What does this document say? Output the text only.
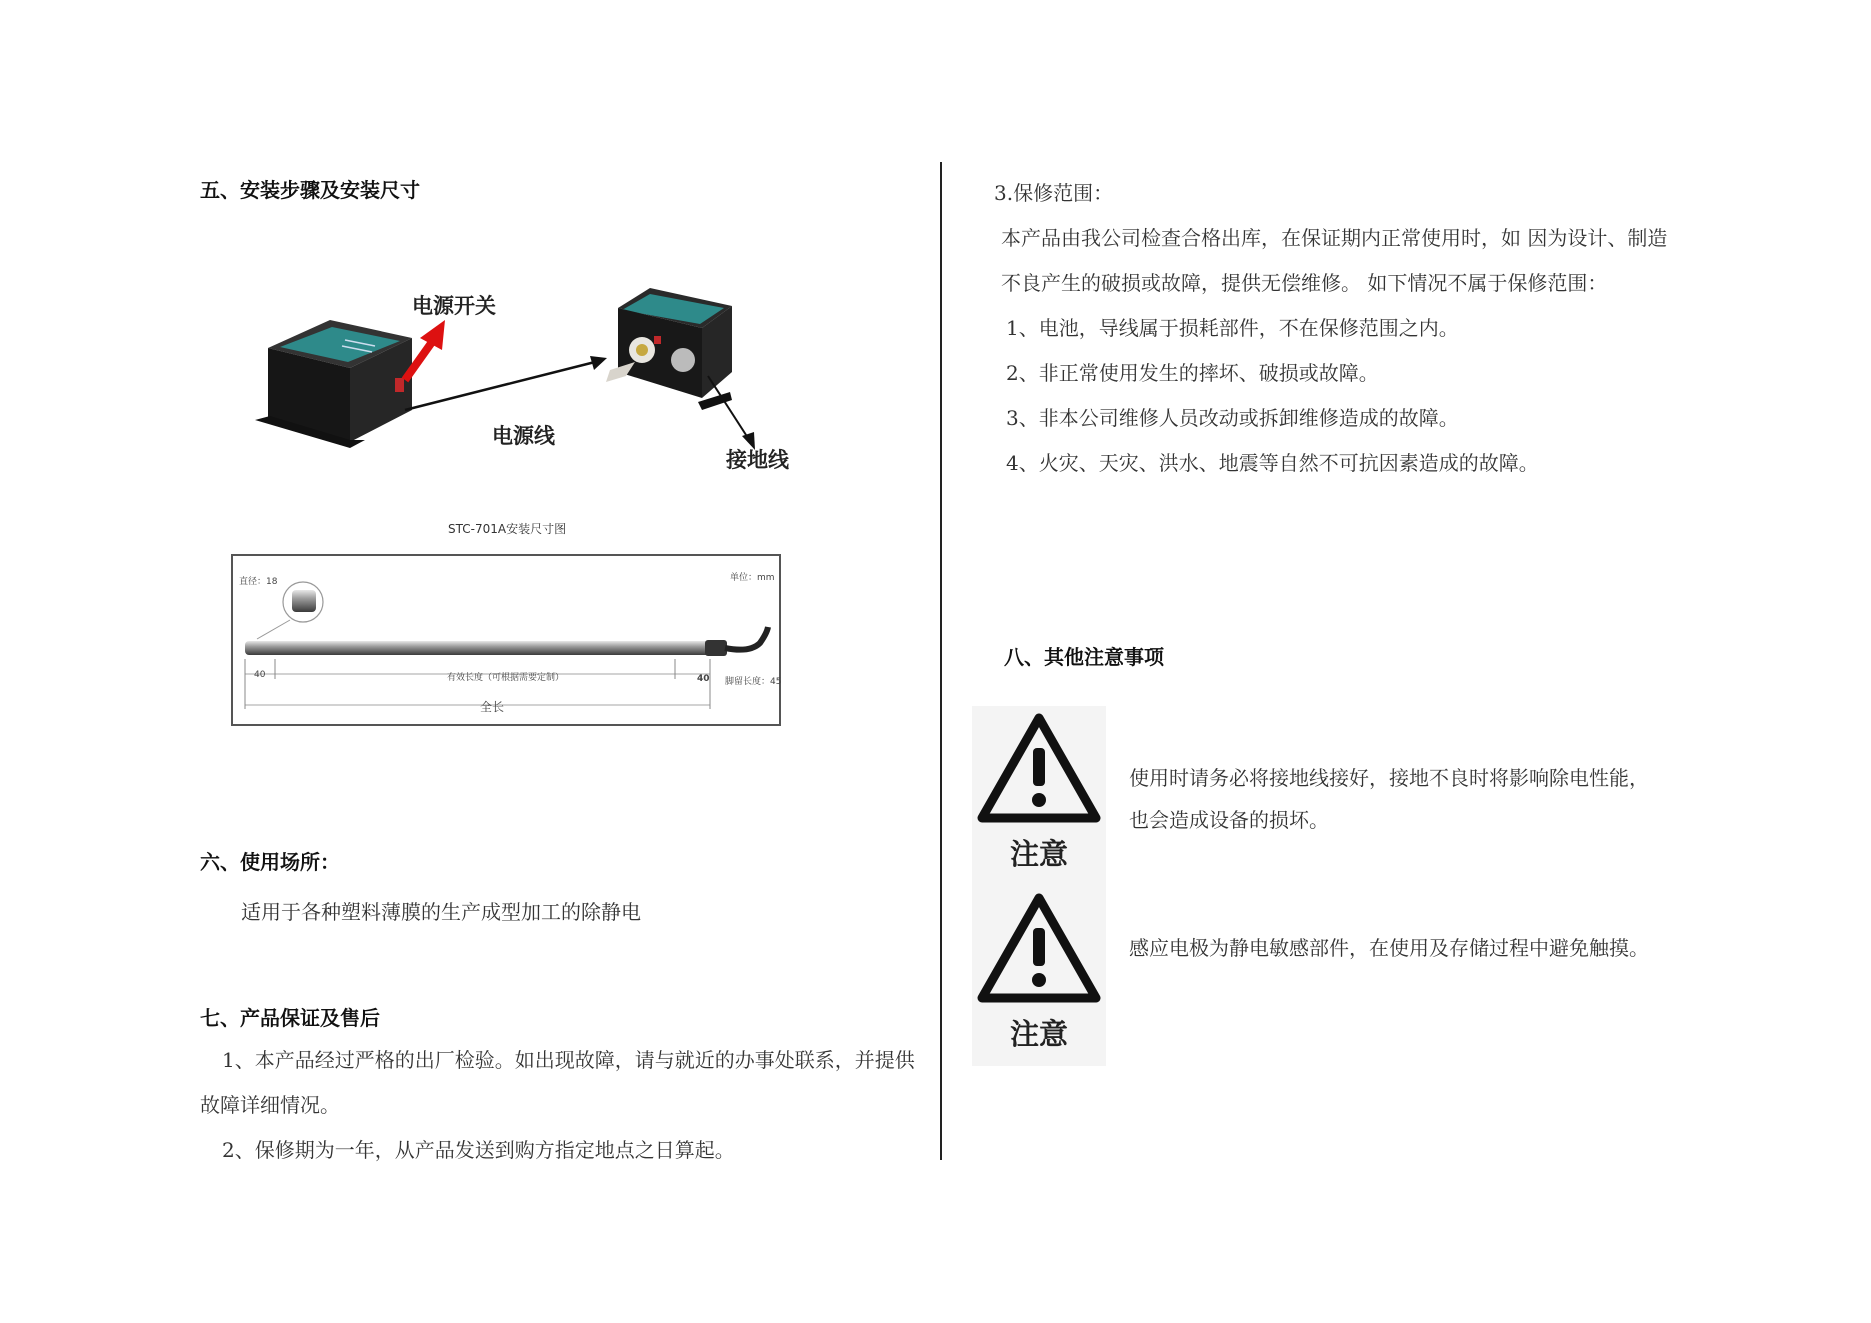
五、安装步骤及安装尺寸
电源开关
电源线
接地线
STC-701A安装尺寸图
直径：18	单位：mm
40	有效长度（可根据需要定制）	40 脚留长度：45
全长
六、使用场所：
适用于各种塑料薄膜的生产成型加工的除静电
七、产品保证及售后
1、本产品经过严格的出厂检验。如出现故障，请与就近的办事处联系，并提供
故障详细情况。
2、保修期为一年，从产品发送到购方指定地点之日算起。
3.保修范围：
本产品由我公司检查合格出库，在保证期内正常使用时，如 因为设计、制造
不良产生的破损或故障，提供无偿维修。 如下情况不属于保修范围：
1、电池，导线属于损耗部件，不在保修范围之内。
2、非正常使用发生的摔坏、破损或故障。
3、非本公司维修人员改动或拆卸维修造成的故障。
4、火灾、天灾、洪水、地震等自然不可抗因素造成的故障。
八、其他注意事项
注意
使用时请务必将接地线接好，接地不良时将影响除电性能，
也会造成设备的损坏。
注意
感应电极为静电敏感部件，在使用及存储过程中避免触摸。
